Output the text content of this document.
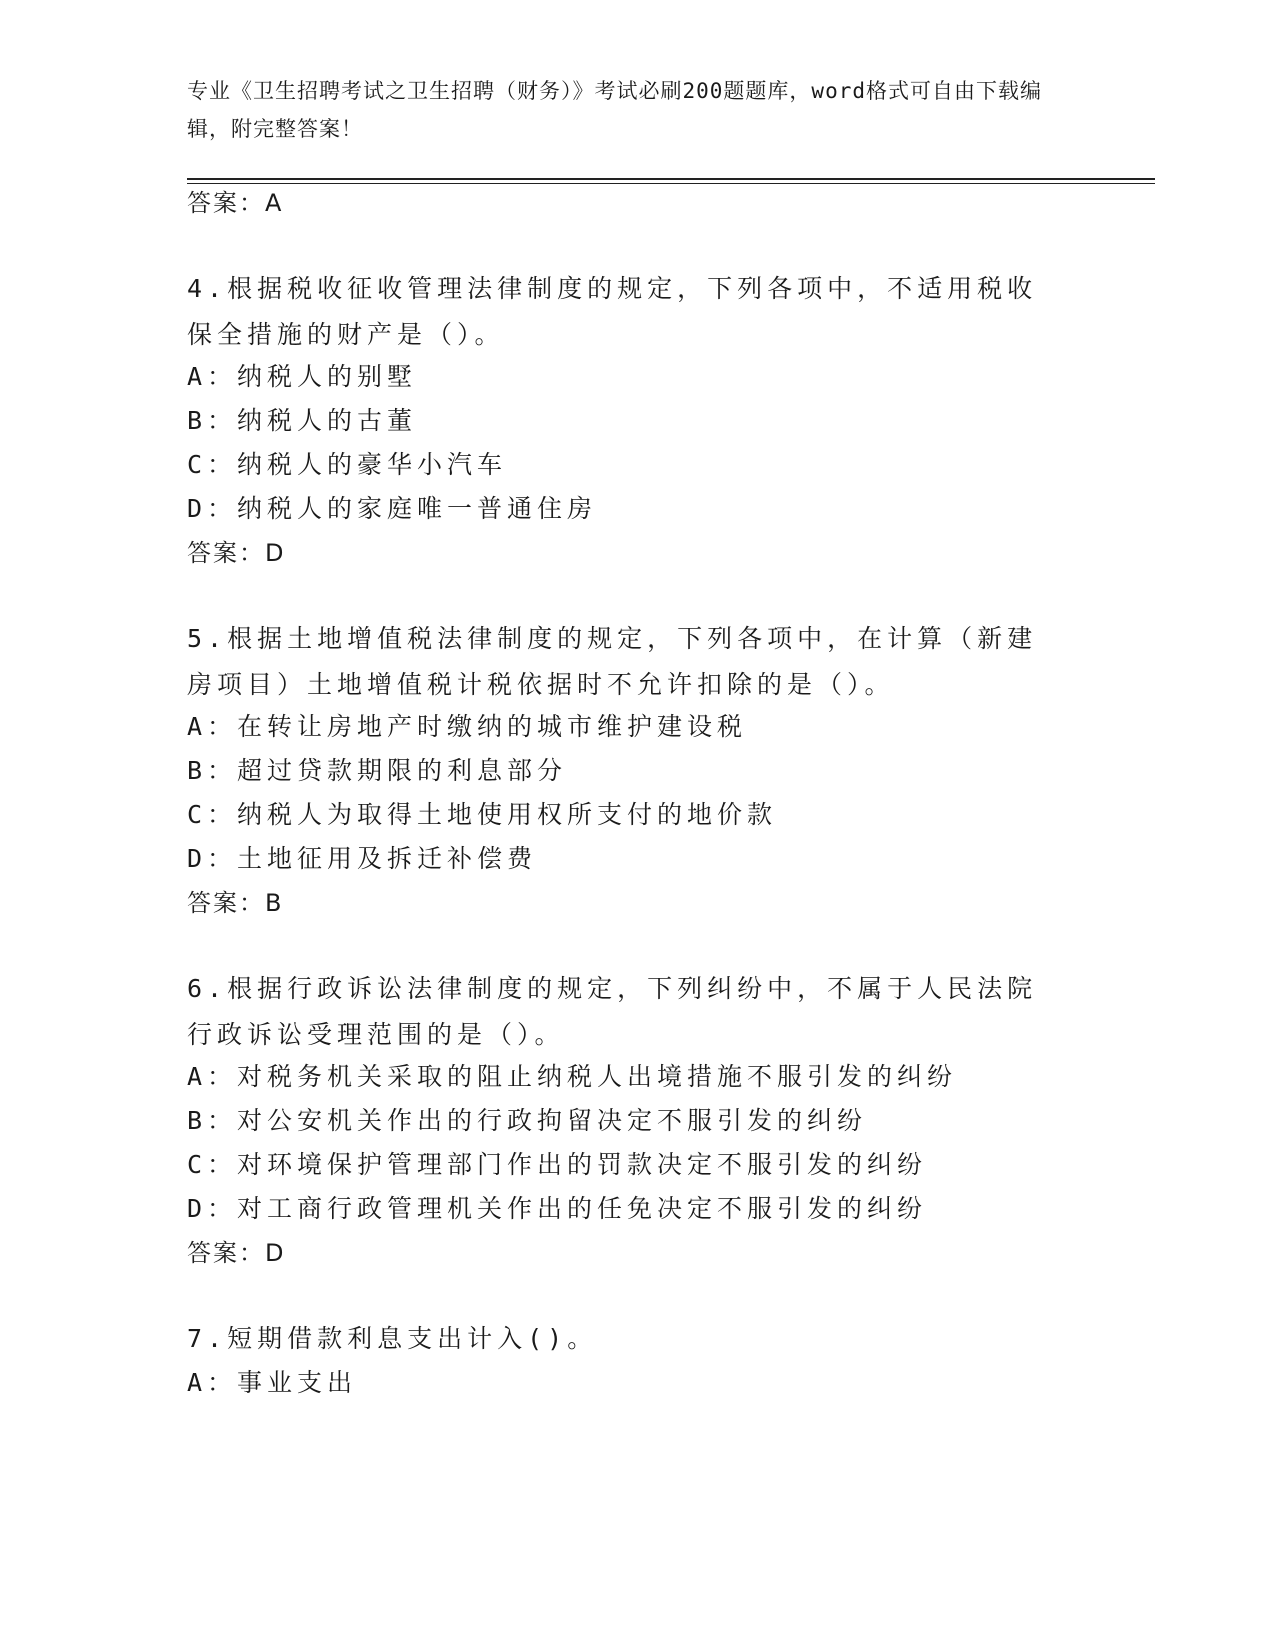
专业《卫生招聘考试之卫生招聘（财务）》考试必刷200题题库，word格式可自由下载编辑，附完整答案！
答案：A
4.根据税收征收管理法律制度的规定，下列各项中，不适用税收保全措施的财产是（）。
A：纳税人的别墅
B：纳税人的古董
C：纳税人的豪华小汽车
D：纳税人的家庭唯一普通住房
答案：D
5.根据土地增值税法律制度的规定，下列各项中，在计算（新建房项目）土地增值税计税依据时不允许扣除的是（）。
A：在转让房地产时缴纳的城市维护建设税
B：超过贷款期限的利息部分
C：纳税人为取得土地使用权所支付的地价款
D：土地征用及拆迁补偿费
答案：B
6.根据行政诉讼法律制度的规定，下列纠纷中，不属于人民法院行政诉讼受理范围的是（）。
A：对税务机关采取的阻止纳税人出境措施不服引发的纠纷
B：对公安机关作出的行政拘留决定不服引发的纠纷
C：对环境保护管理部门作出的罚款决定不服引发的纠纷
D：对工商行政管理机关作出的任免决定不服引发的纠纷
答案：D
7.短期借款利息支出计入()。
A：事业支出
